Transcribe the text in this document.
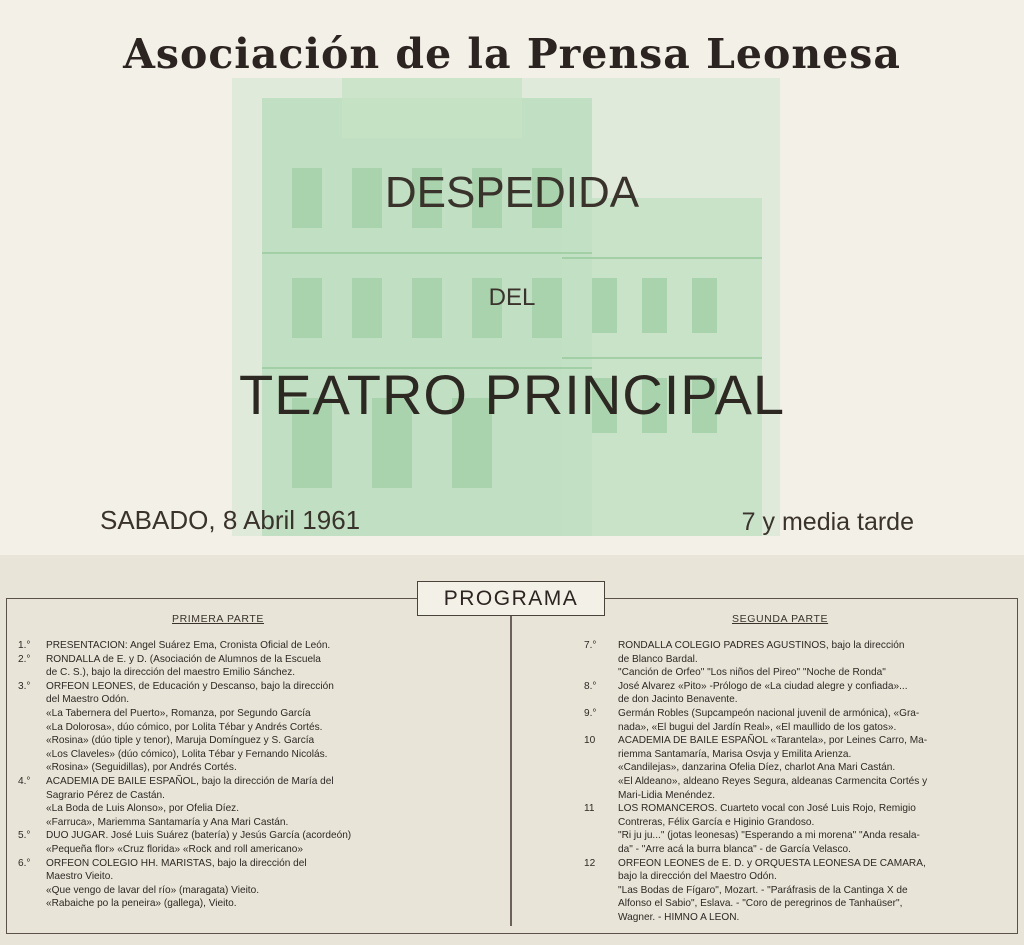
Asociación de la Prensa Leonesa
DESPEDIDA
DEL
TEATRO PRINCIPAL
SABADO, 8 Abril 1961	7 y media tarde
PROGRAMA
PRIMERA PARTE	SEGUNDA PARTE
1.°	PRESENTACION: Angel Suárez Ema, Cronista Oficial de León.
2.°	RONDALLA de E. y D. (Asociación de Alumnos de la Escuela
de C. S.), bajo la dirección del maestro Emilio Sánchez.
3.°	ORFEON LEONES, de Educación y Descanso, bajo la dirección
del Maestro Odón.
«La Tabernera del Puerto», Romanza, por Segundo García
«La Dolorosa», dúo cómico, por Lolita Tébar y Andrés Cortés.
«Rosina» (dúo tiple y tenor), Maruja Domínguez y S. García
«Los Claveles» (dúo cómico), Lolita Tébar y Fernando Nicolás.
«Rosina» (Seguidillas), por Andrés Cortés.
4.°	ACADEMIA DE BAILE ESPAÑOL, bajo la dirección de María del
Sagrario Pérez de Castán.
«La Boda de Luis Alonso», por Ofelia Díez.
«Farruca», Mariemma Santamaría y Ana Mari Castán.
5.°	DUO JUGAR. José Luis Suárez (batería) y Jesús García (acordeón)
«Pequeña flor» «Cruz florida» «Rock and roll americano»
6.°	ORFEON COLEGIO HH. MARISTAS, bajo la dirección del
Maestro Vieito.
«Que vengo de lavar del río» (maragata) Vieito.
«Rabaiche po la peneira» (gallega), Vieito.
7.°	RONDALLA COLEGIO PADRES AGUSTINOS, bajo la dirección
de Blanco Bardal.
"Canción de Orfeo" "Los niños del Pireo" "Noche de Ronda"
8.°	José Alvarez «Pito» -Prólogo de «La ciudad alegre y confiada»...
de don Jacinto Benavente.
9.°	Germán Robles (Supcampeón nacional juvenil de armónica), «Gra-
nada», «El bugui del Jardín Real», «El maullido de los gatos».
10	ACADEMIA DE BAILE ESPAÑOL «Tarantela», por Leines Carro, Ma-
riemma Santamaría, Marisa Osvja y Emilita Arienza.
«Candilejas», danzarina Ofelia Díez, charlot Ana Mari Castán.
«El Aldeano», aldeano Reyes Segura, aldeanas Carmencita Cortés y
Mari-Lidia Menéndez.
11	LOS ROMANCEROS. Cuarteto vocal con José Luis Rojo, Remigio
Contreras, Félix García e Higinio Grandoso.
"Ri ju ju..." (jotas leonesas) "Esperando a mi morena" "Anda resala-
da" - "Arre acá la burra blanca" - de García Velasco.
12	ORFEON LEONES de E. D. y ORQUESTA LEONESA DE CAMARA,
bajo la dirección del Maestro Odón.
"Las Bodas de Fígaro", Mozart. - "Paráfrasis de la Cantinga X de
Alfonso el Sabio", Eslava. - "Coro de peregrinos de Tanhaüser",
Wagner. - HIMNO A LEON.
